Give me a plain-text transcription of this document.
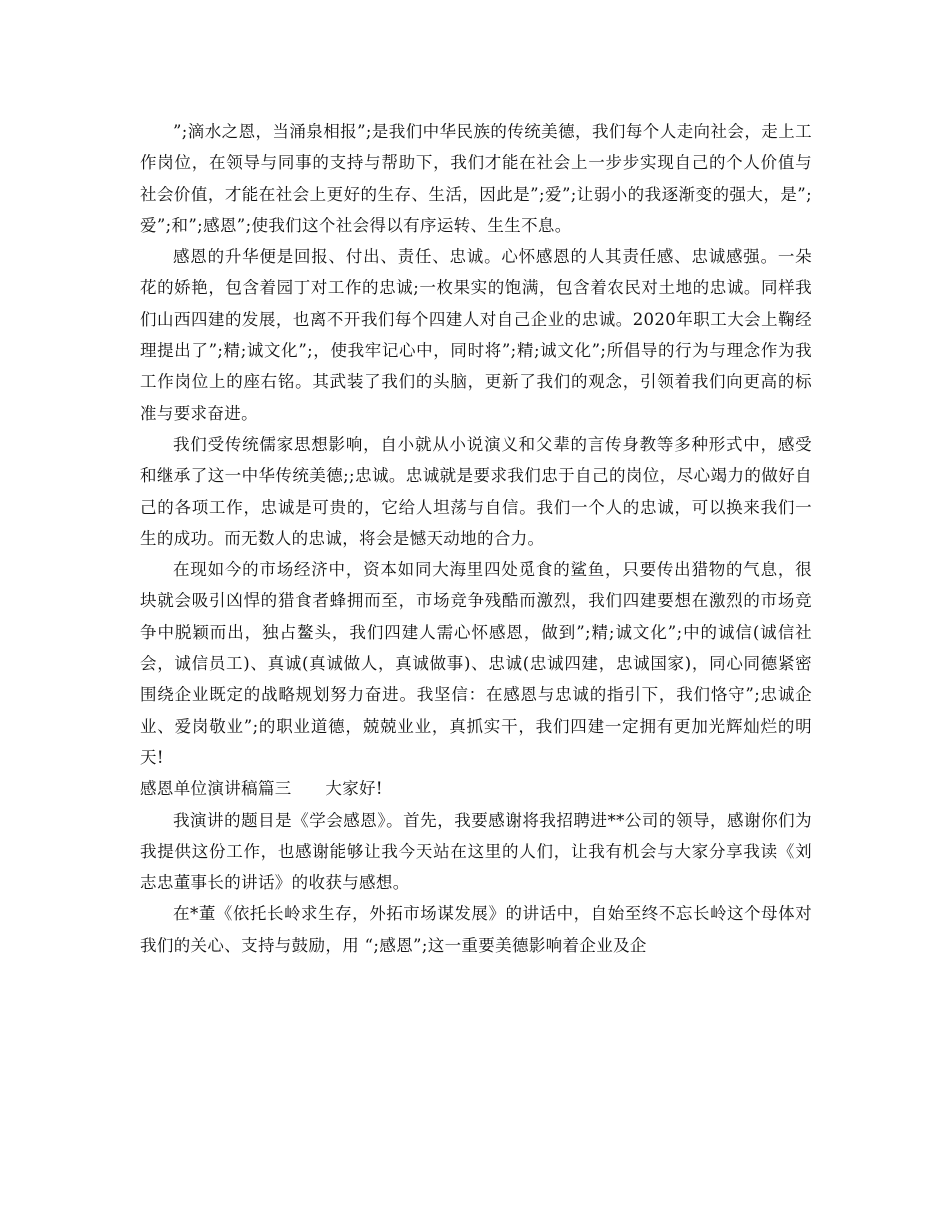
”;滴水之恩，当涌泉相报”;是我们中华民族的传统美德，我们每个人走向社会，走上工作岗位，在领导与同事的支持与帮助下，我们才能在社会上一步步实现自己的个人价值与社会价值，才能在社会上更好的生存、生活，因此是”;爱”;让弱小的我逐渐变的强大，是”;爱”;和”;感恩”;使我们这个社会得以有序运转、生生不息。

感恩的升华便是回报、付出、责任、忠诚。心怀感恩的人其责任感、忠诚感强。一朵花的娇艳，包含着园丁对工作的忠诚;一枚果实的饱满，包含着农民对土地的忠诚。同样我们山西四建的发展，也离不开我们每个四建人对自己企业的忠诚。2020年职工大会上鞠经理提出了”;精;诚文化”;，使我牢记心中，同时将”;精;诚文化”;所倡导的行为与理念作为我工作岗位上的座右铭。其武装了我们的头脑，更新了我们的观念，引领着我们向更高的标准与要求奋进。

我们受传统儒家思想影响，自小就从小说演义和父辈的言传身教等多种形式中，感受和继承了这一中华传统美德;;忠诚。忠诚就是要求我们忠于自己的岗位，尽心竭力的做好自己的各项工作，忠诚是可贵的，它给人坦荡与自信。我们一个人的忠诚，可以换来我们一生的成功。而无数人的忠诚，将会是憾天动地的合力。

在现如今的市场经济中，资本如同大海里四处觅食的鲨鱼，只要传出猎物的气息，很块就会吸引凶悍的猎食者蜂拥而至，市场竞争残酷而激烈，我们四建要想在激烈的市场竞争中脱颖而出，独占鳌头，我们四建人需心怀感恩，做到”;精;诚文化”;中的诚信(诚信社会，诚信员工)、真诚(真诚做人，真诚做事)、忠诚(忠诚四建，忠诚国家)，同心同德紧密围绕企业既定的战略规划努力奋进。我坚信：在感恩与忠诚的指引下，我们恪守”;忠诚企业、爱岗敬业”;的职业道德，兢兢业业，真抓实干，我们四建一定拥有更加光辉灿烂的明天!

感恩单位演讲稿篇三　　大家好!

我演讲的题目是《学会感恩》。首先，我要感谢将我招聘进**公司的领导，感谢你们为我提供这份工作，也感谢能够让我今天站在这里的人们，让我有机会与大家分享我读《刘志忠董事长的讲话》的收获与感想。

在*董《依托长岭求生存，外拓市场谋发展》的讲话中，自始至终不忘长岭这个母体对我们的关心、支持与鼓励，用 “;感恩”;这一重要美德影响着企业及企
